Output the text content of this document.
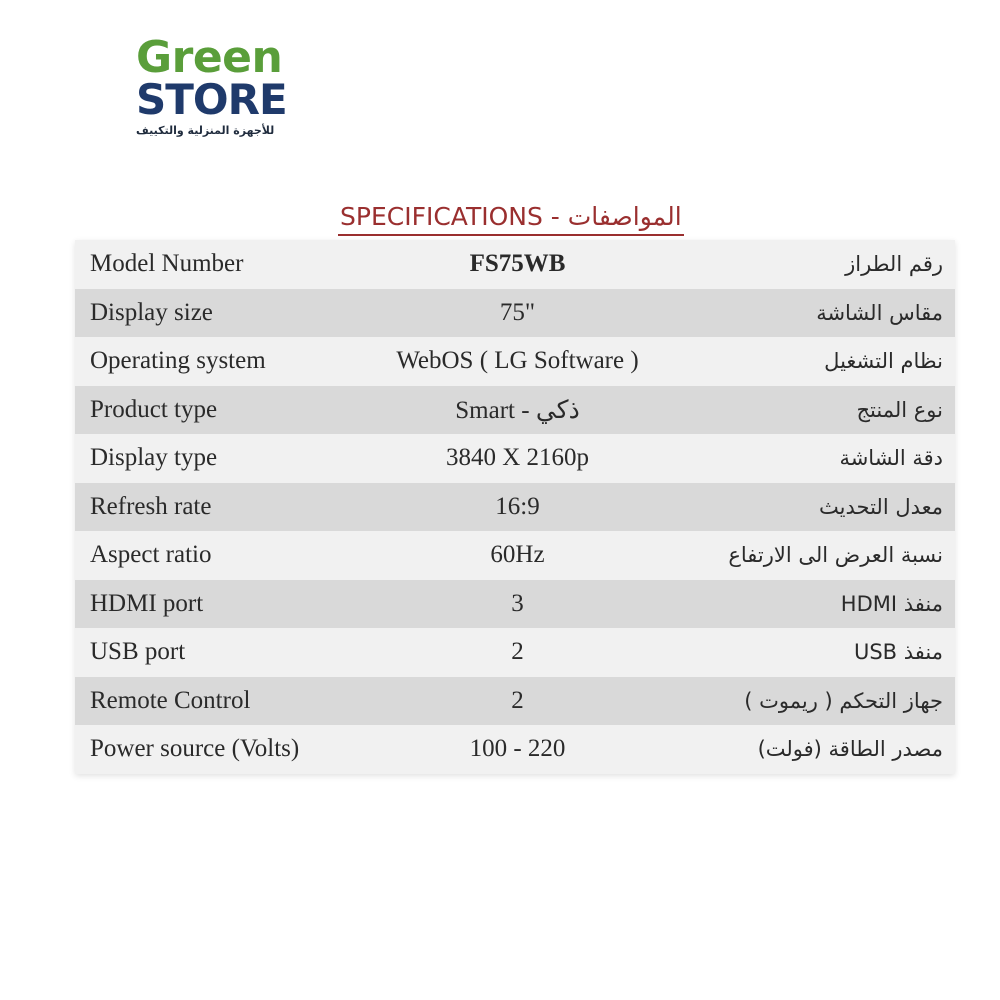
Green
STORE
للأجهزة المنزلية والتكييف
SPECIFICATIONS - المواصفات
Model Number	FS75WB	رقم الطراز
Display size	75"	مقاس الشاشة
Operating system	WebOS ( LG Software )	نظام التشغيل
Product type	Smart - ذكي	نوع المنتج
Display type	3840 X 2160p	دقة الشاشة
Refresh rate	16:9	معدل التحديث
Aspect ratio	60Hz	نسبة العرض الى الارتفاع
HDMI port	3	منفذ HDMI
USB port	2	منفذ USB
Remote Control	2	جهاز التحكم ( ريموت )
Power source (Volts)	100 - 220	مصدر الطاقة (فولت)
